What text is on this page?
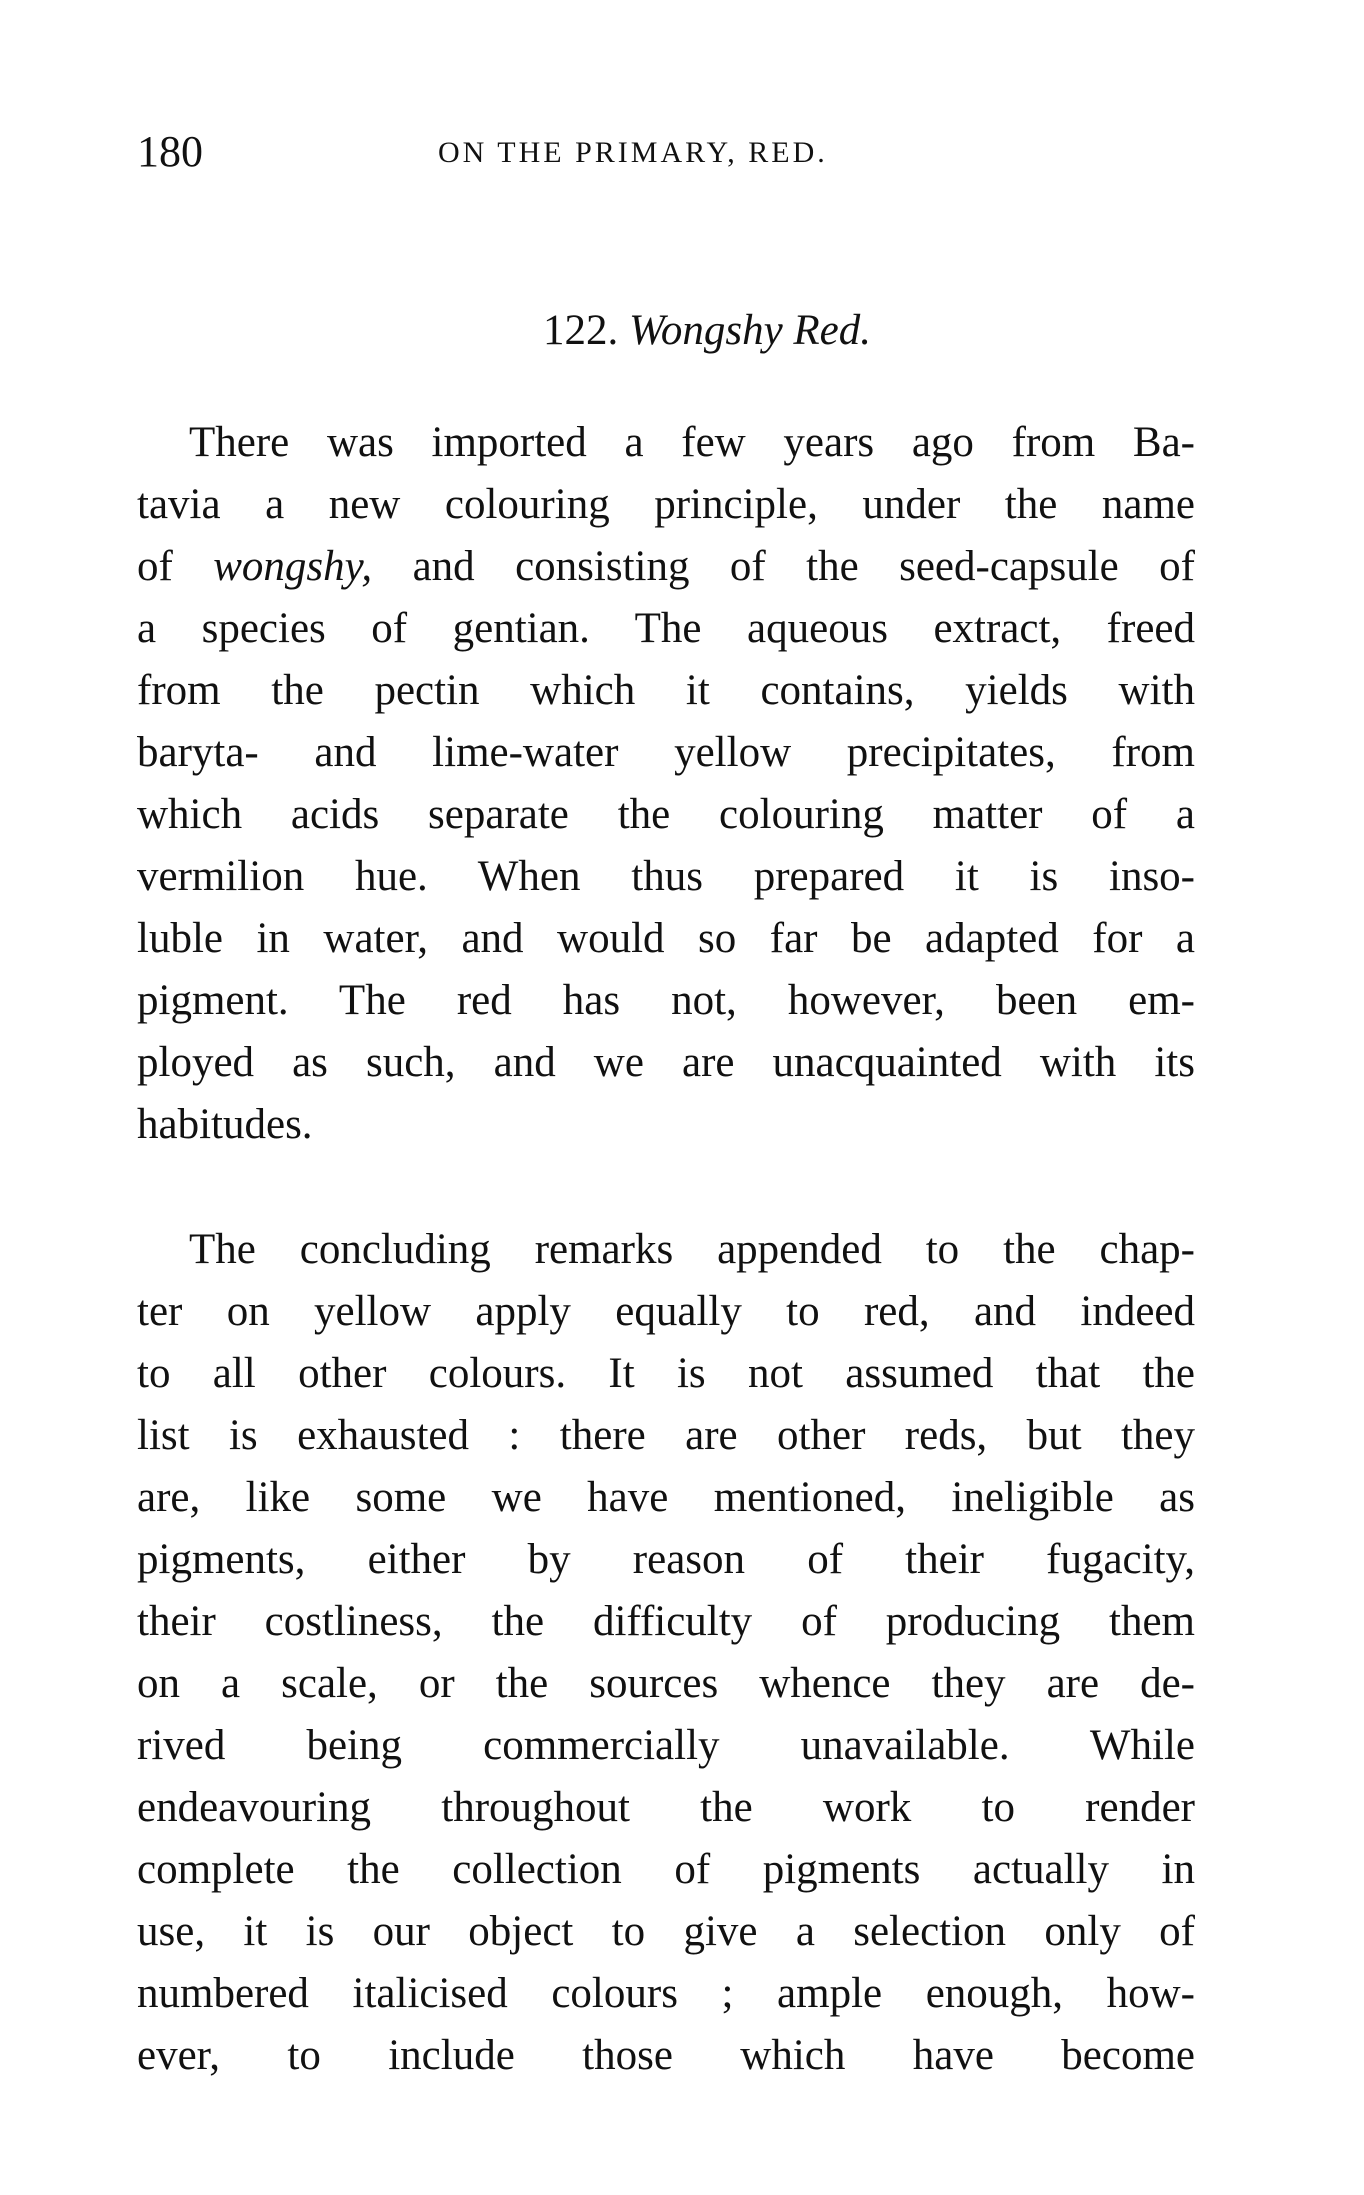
180	ON THE PRIMARY, RED.
122. Wongshy Red.
There was imported a few years ago from Ba-
tavia a new colouring principle, under the name
of wongshy, and consisting of the seed-capsule of
a species of gentian. The aqueous extract, freed
from the pectin which it contains, yields with
baryta- and lime-water yellow precipitates, from
which acids separate the colouring matter of a
vermilion hue. When thus prepared it is inso-
luble in water, and would so far be adapted for a
pigment. The red has not, however, been em-
ployed as such, and we are unacquainted with its
habitudes.
The concluding remarks appended to the chap-
ter on yellow apply equally to red, and indeed
to all other colours. It is not assumed that the
list is exhausted : there are other reds, but they
are, like some we have mentioned, ineligible as
pigments, either by reason of their fugacity,
their costliness, the difficulty of producing them
on a scale, or the sources whence they are de-
rived being commercially unavailable. While
endeavouring throughout the work to render
complete the collection of pigments actually in
use, it is our object to give a selection only of
numbered italicised colours ; ample enough, how-
ever, to include those which have become
